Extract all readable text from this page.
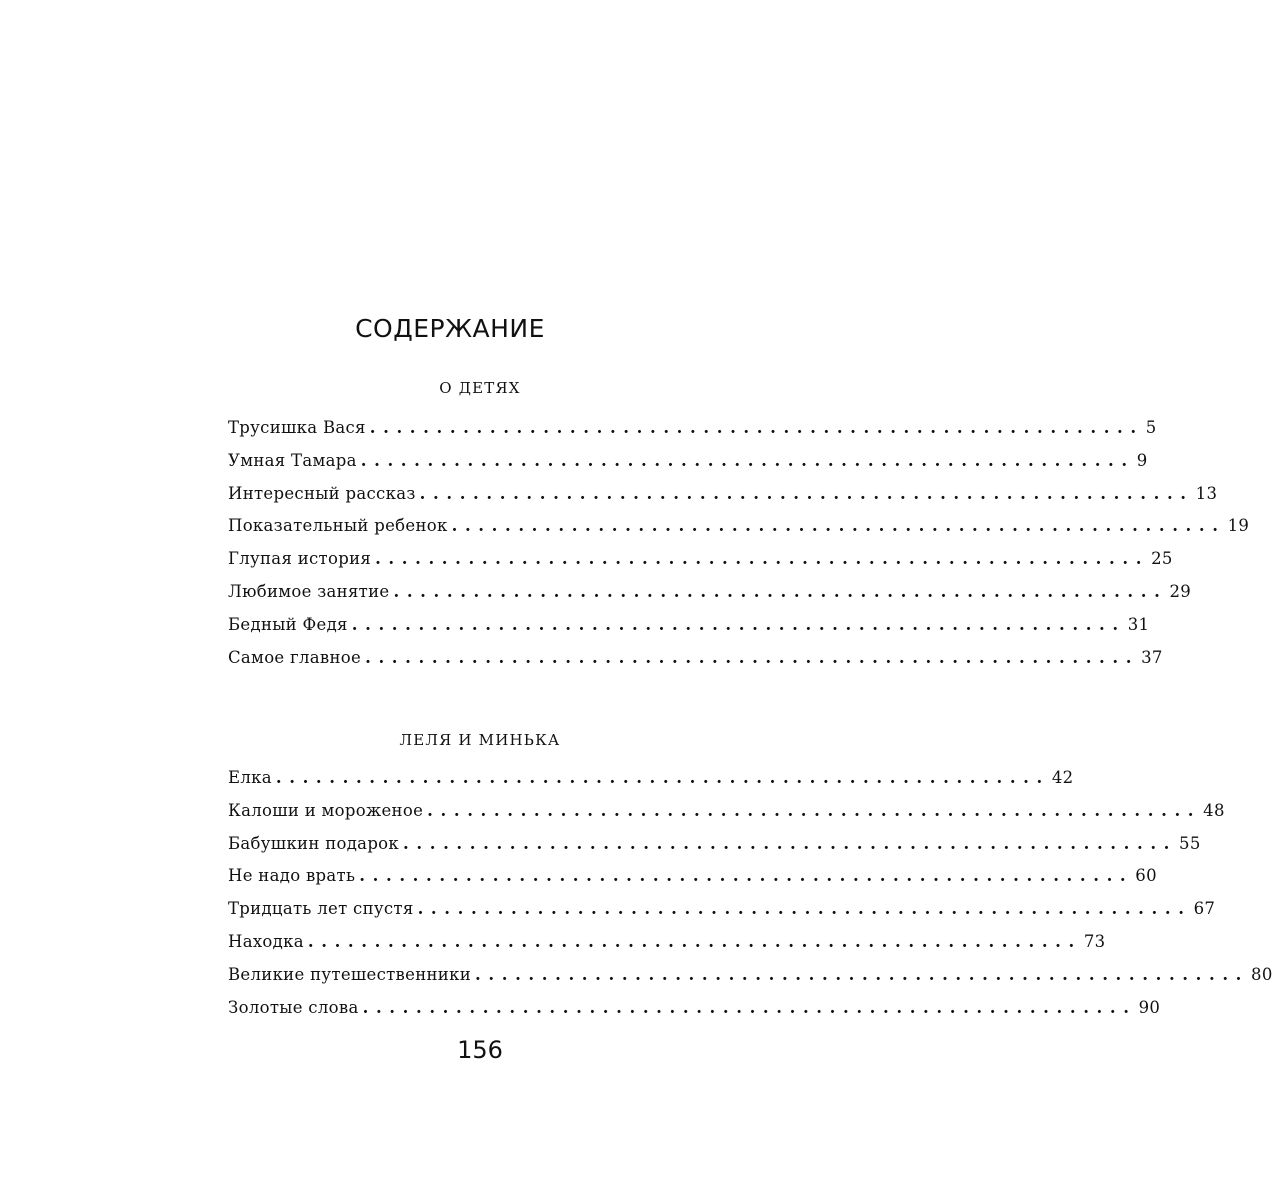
СОДЕРЖАНИЕ
О ДЕТЯХ
Трусишка Вася .......................................................... 5
Умная Тамара .......................................................... 9
Интересный рассказ .......................................................... 13
Показательный ребенок .......................................................... 19
Глупая история .......................................................... 25
Любимое занятие .......................................................... 29
Бедный Федя .......................................................... 31
Самое главное .......................................................... 37
ЛЕЛЯ И МИНЬКА
Елка .......................................................... 42
Калоши и мороженое .......................................................... 48
Бабушкин подарок .......................................................... 55
Не надо врать .......................................................... 60
Тридцать лет спустя .......................................................... 67
Находка .......................................................... 73
Великие путешественники .......................................................... 80
Золотые слова .......................................................... 90
156
